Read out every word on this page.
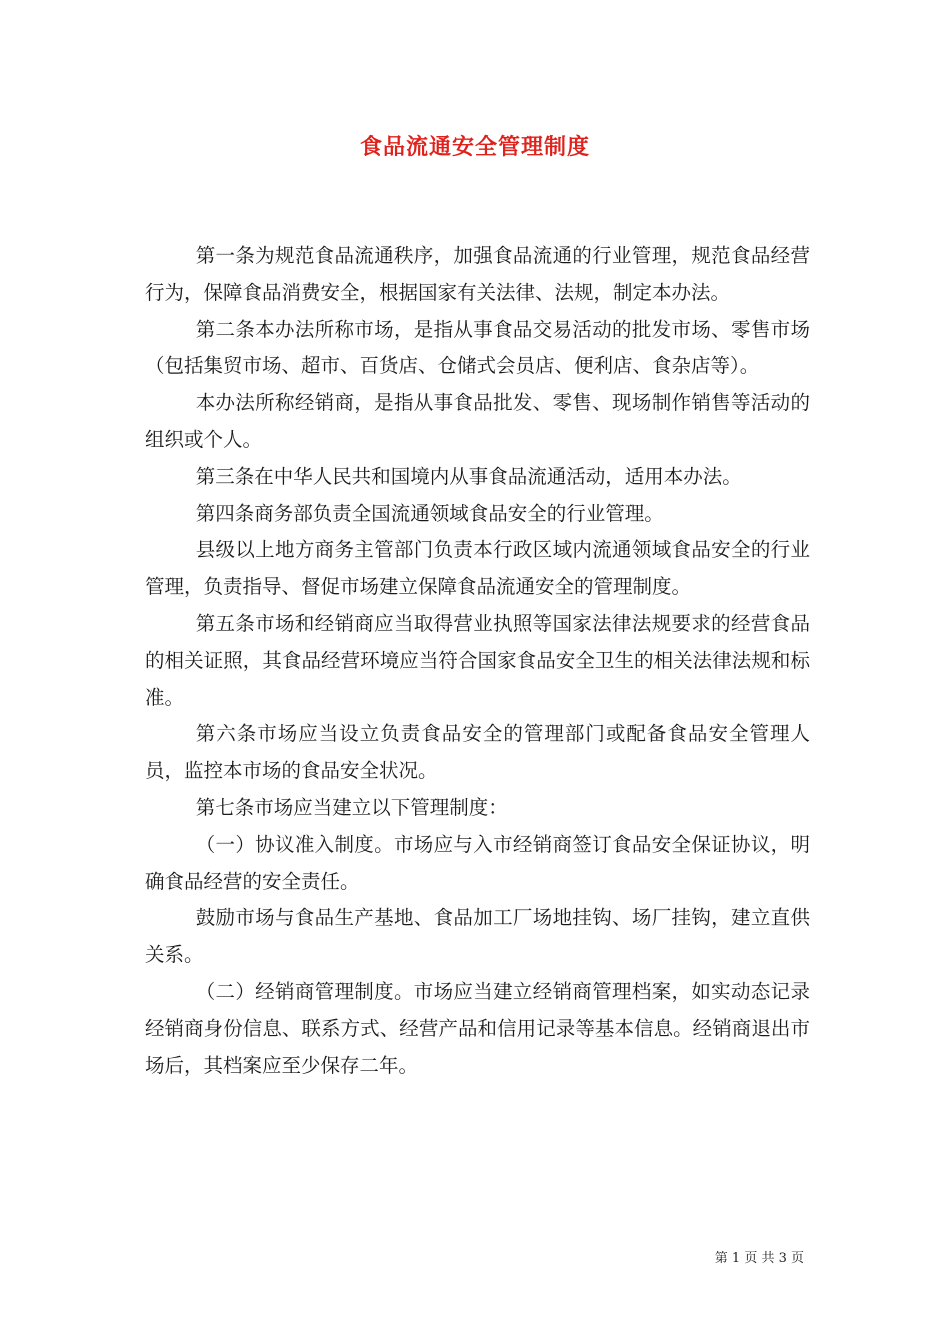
食品流通安全管理制度

第一条为规范食品流通秩序，加强食品流通的行业管理，规范食品经营行为，保障食品消费安全，根据国家有关法律、法规，制定本办法。

第二条本办法所称市场，是指从事食品交易活动的批发市场、零售市场（包括集贸市场、超市、百货店、仓储式会员店、便利店、食杂店等）。

本办法所称经销商，是指从事食品批发、零售、现场制作销售等活动的组织或个人。

第三条在中华人民共和国境内从事食品流通活动，适用本办法。

第四条商务部负责全国流通领域食品安全的行业管理。

县级以上地方商务主管部门负责本行政区域内流通领域食品安全的行业管理，负责指导、督促市场建立保障食品流通安全的管理制度。

第五条市场和经销商应当取得营业执照等国家法律法规要求的经营食品的相关证照，其食品经营环境应当符合国家食品安全卫生的相关法律法规和标准。

第六条市场应当设立负责食品安全的管理部门或配备食品安全管理人员，监控本市场的食品安全状况。

第七条市场应当建立以下管理制度：

（一）协议准入制度。市场应与入市经销商签订食品安全保证协议，明确食品经营的安全责任。

鼓励市场与食品生产基地、食品加工厂场地挂钩、场厂挂钩，建立直供关系。

（二）经销商管理制度。市场应当建立经销商管理档案，如实动态记录经销商身份信息、联系方式、经营产品和信用记录等基本信息。经销商退出市场后，其档案应至少保存二年。

第 1 页 共 3 页
